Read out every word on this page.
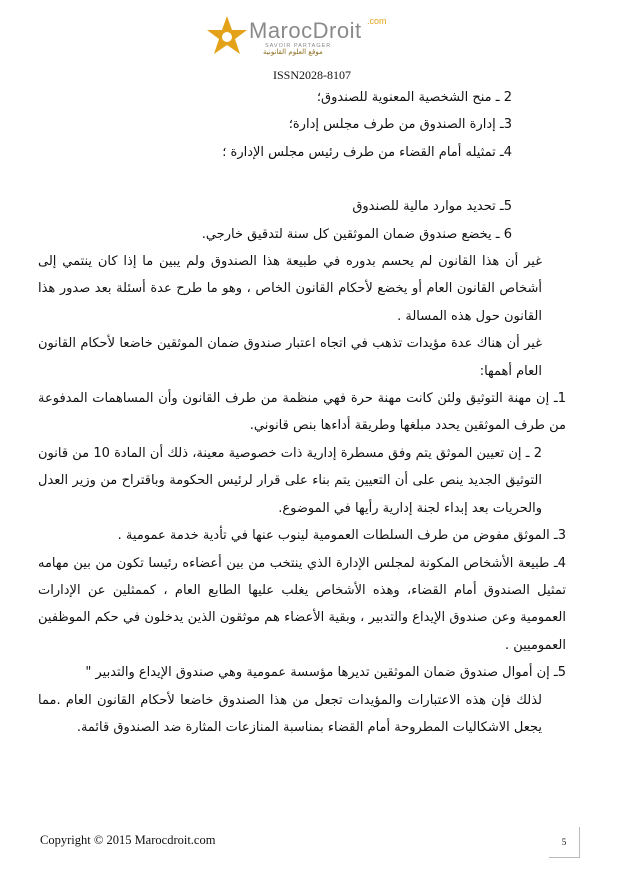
MarocDroit .com
SAVOIR PARTAGER
موقع العلوم القانونية
ISSN2028-8107

2 ـ منح الشخصية المعنوية للصندوق؛

3ـ إدارة الصندوق من طرف مجلس إدارة؛

4ـ تمثيله أمام القضاء من طرف رئيس مجلس الإدارة ؛

5ـ تحديد موارد مالية للصندوق

6 ـ يخضع صندوق ضمان الموثقين كل سنة لتدقيق خارجي.

غير أن هذا القانون لم يحسم بدوره في طبيعة هذا الصندوق ولم يبين ما إذا كان ينتمي إلى أشخاص القانون العام أو يخضع لأحكام القانون الخاص ، وهو ما طرح عدة أسئلة بعد صدور هذا القانون حول هذه المسالة .

غير أن هناك عدة مؤيدات تذهب في اتجاه اعتبار صندوق ضمان الموثقين خاضعا لأحكام القانون العام أهمها:

1ـ إن مهنة التوثيق ولئن كانت مهنة حرة فهي منظمة من طرف القانون وأن المساهمات المدفوعة من طرف الموثقين يحدد مبلغها وطريقة أداءها بنص قانوني.

2 ـ إن تعيين الموثق يتم وفق مسطرة إدارية ذات خصوصية معينة، ذلك أن المادة 10 من قانون التوثيق الجديد ينص على أن التعيين يتم بناء على قرار لرئيس الحكومة وباقتراح من وزير العدل والحريات بعد إبداء لجنة إدارية رأيها في الموضوع.

3ـ الموثق مفوض من طرف السلطات العمومية لينوب عنها في تأدية خدمة عمومية .

4ـ طبيعة الأشخاص المكونة لمجلس الإدارة الذي ينتخب من بين أعضاءه رئيسا تكون من بين مهامه تمثيل الصندوق أمام القضاء، وهذه الأشخاص يغلب عليها الطابع العام ، كممثلين عن الإدارات العمومية وعن صندوق الإيداع والتدبير ، وبقية الأعضاء هم موثقون الذين يدخلون في حكم الموظفين العموميين .

5ـ إن أموال صندوق ضمان الموثقين تديرها مؤسسة عمومية وهي صندوق الإيداع والتدبير "

لذلك فإن هذه الاعتبارات والمؤيدات تجعل من هذا الصندوق خاضعا لأحكام القانون العام .مما يجعل الاشكاليات المطروحة أمام القضاء بمناسبة المنازعات المثارة ضد الصندوق قائمة.

Copyright © 2015 Marocdroit.com	5
